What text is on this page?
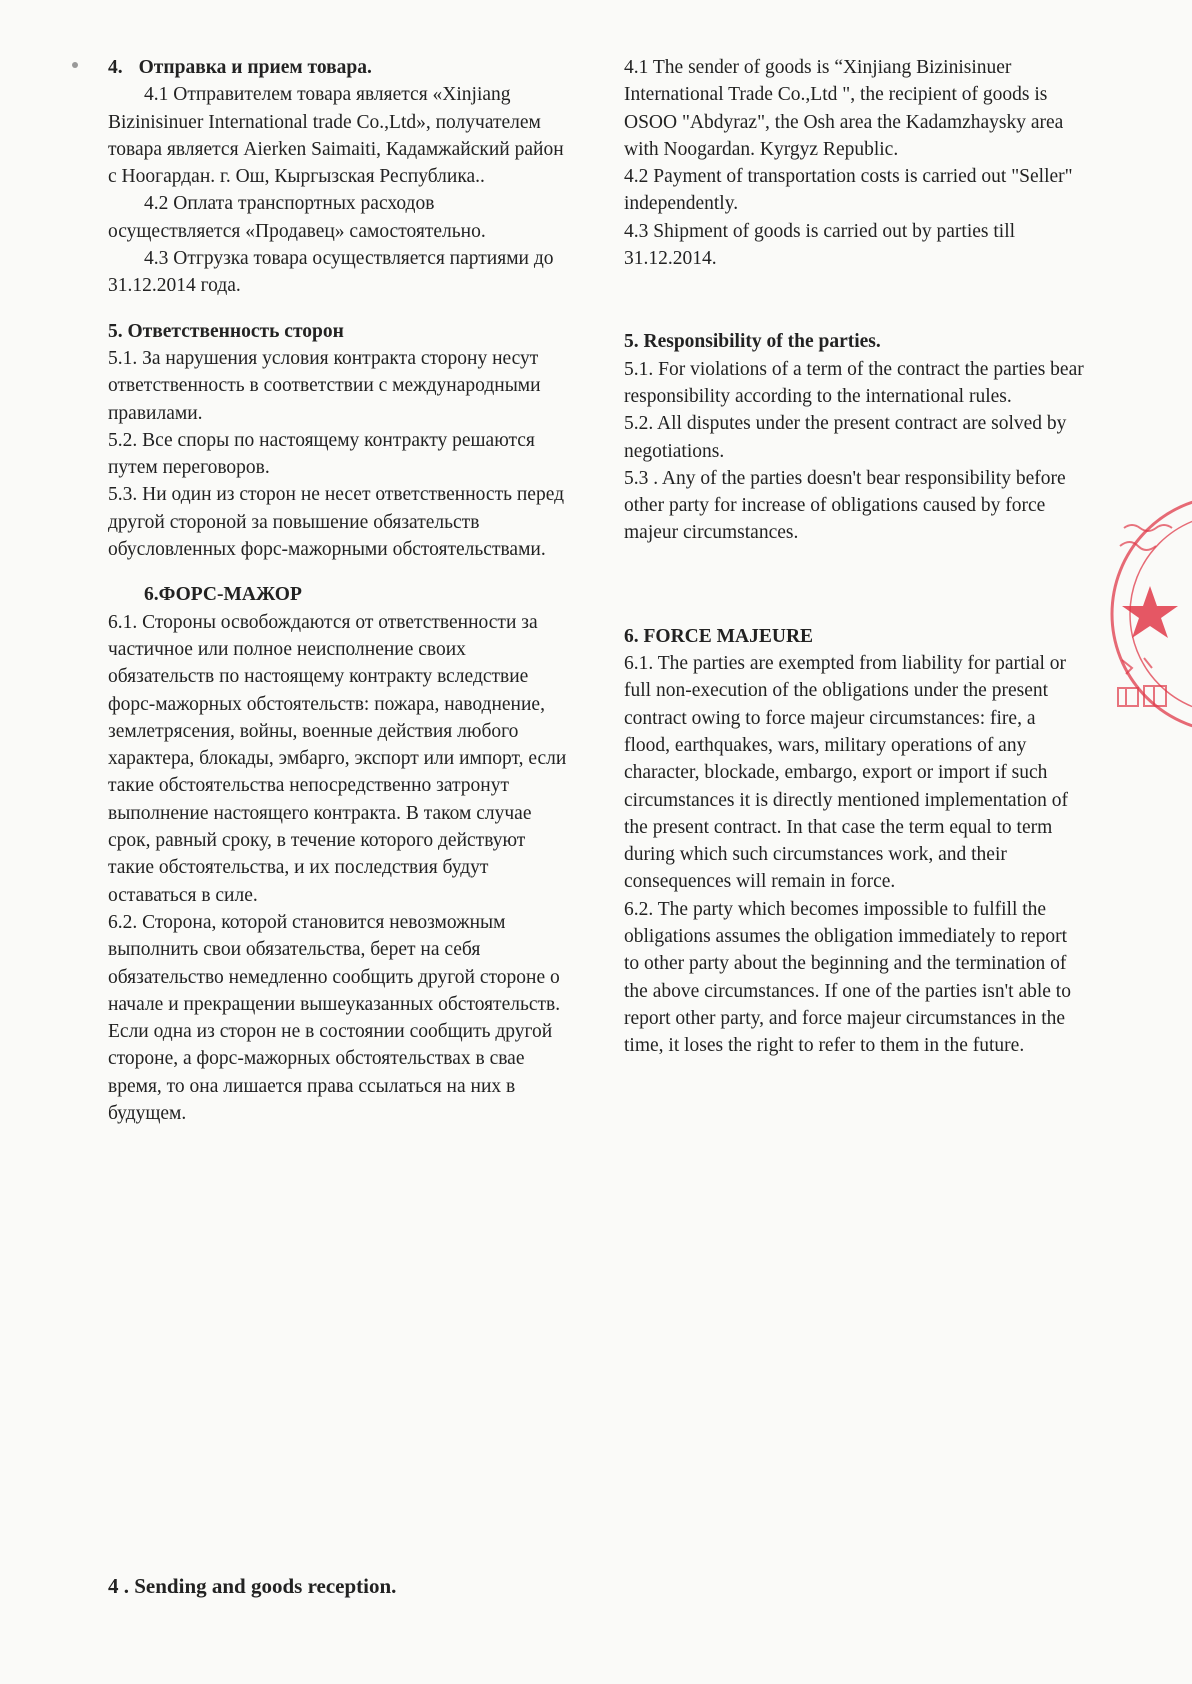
4. Отправка и прием товара.

4.1 Отправителем товара является «Xinjiang Bizinisinuer International trade Co.,Ltd», получателем товара является Aierken Saimaiti, Кадамжайский район с Ноогардан. г. Ош, Кыргызская Республика..

4.2 Оплата транспортных расходов осуществляется «Продавец» самостоятельно.

4.3 Отгрузка товара осуществляется партиями до 31.12.2014 года.

5. Ответственность сторон

5.1. За нарушения условия контракта сторону несут ответственность в соответствии с международными правилами.

5.2. Все споры по настоящему контракту решаются путем переговоров.

5.3. Ни один из сторон не несет ответственность перед другой стороной за повышение обязательств обусловленных форс-мажорными обстоятельствами.

6.ФОРС-МАЖОР

6.1. Стороны освобождаются от ответственности за частичное или полное неисполнение своих обязательств по настоящему контракту вследствие форс-мажорных обстоятельств: пожара, наводнение, землетрясения, войны, военные действия любого характера, блокады, эмбарго, экспорт или импорт, если такие обстоятельства непосредственно затронут выполнение настоящего контракта. В таком случае срок, равный сроку, в течение которого действуют такие обстоятельства, и их последствия будут оставаться в силе.

6.2. Сторона, которой становится невозможным выполнить свои обязательства, берет на себя обязательство немедленно сообщить другой стороне о начале и прекращении вышеуказанных обстоятельств. Если одна из сторон не в состоянии сообщить другой стороне, а форс-мажорных обстоятельствах в свае время, то она лишается права ссылаться на них в будущем.

4.1 The sender of goods is “Xinjiang Bizinisinuer International Trade Co.,Ltd ", the recipient of goods is OSOO "Abdyraz", the Osh area the Kadamzhaysky area with Noogardan. Kyrgyz Republic.

4.2 Payment of transportation costs is carried out "Seller" independently.

4.3 Shipment of goods is carried out by parties till 31.12.2014.

5. Responsibility of the parties.

5.1. For violations of a term of the contract the parties bear responsibility according to the international rules.

5.2. All disputes under the present contract are solved by negotiations.

5.3 . Any of the parties doesn't bear responsibility before other party for increase of obligations caused by force majeur circumstances.

6. FORCE MAJEURE

6.1. The parties are exempted from liability for partial or full non-execution of the obligations under the present contract owing to force majeur circumstances: fire, a flood, earthquakes, wars, military operations of any character, blockade, embargo, export or import if such circumstances it is directly mentioned implementation of the present contract. In that case the term equal to term during which such circumstances work, and their consequences will remain in force.

6.2. The party which becomes impossible to fulfill the obligations assumes the obligation immediately to report to other party about the beginning and the termination of the above circumstances. If one of the parties isn't able to report other party, and force majeur circumstances in the time, it loses the right to refer to them in the future.

4 . Sending and goods reception.
